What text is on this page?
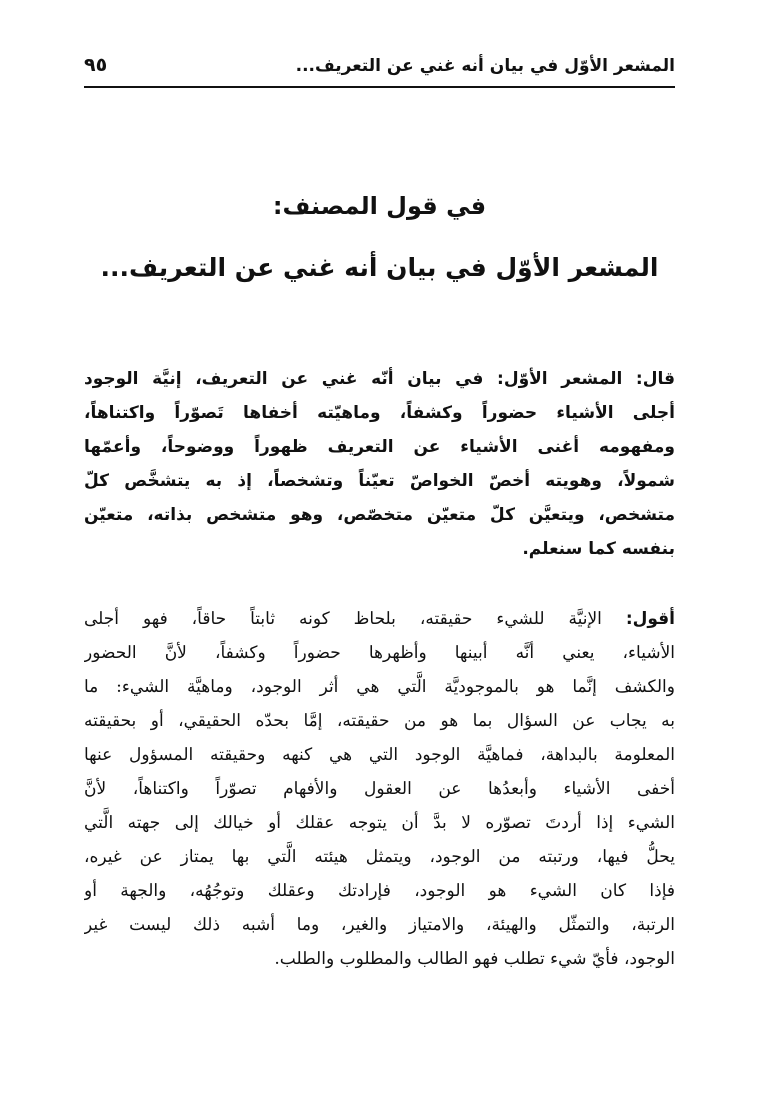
المشعر الأوّل في بيان أنه غني عن التعريف...
٩٥
في قول المصنف:
المشعر الأوّل في بيان أنه غني عن التعريف...
قال: المشعر الأوّل: في بيان أنّه غني عن التعريف، إنيَّة الوجود
أجلى الأشياء حضوراً وكشفاً، وماهيّته أخفاها تَصوّراً واكتناهاً،
ومفهومه أغنى الأشياء عن التعريف ظهوراً ووضوحاً، وأعمّها
شمولاً، وهويته أخصّ الخواصّ تعيّناً وتشخصاً، إذ به يتشخَّص كلّ
متشخص، ويتعيَّن كلّ متعيّن متخصّص، وهو متشخص بذاته، متعيّن
بنفسه كما سنعلم.
أقول: الإنيَّة للشيء حقيقته، بلحاظ كونه ثابتاً حاقاً، فهو أجلى
الأشياء، يعني أنَّه أبينها وأظهرها حضوراً وكشفاً، لأنَّ الحضور
والكشف إنَّما هو بالموجوديَّة الَّتي هي أثر الوجود، وماهيَّة الشيء: ما
به يجاب عن السؤال بما هو من حقيقته، إمَّا بحدّه الحقيقي، أو بحقيقته
المعلومة بالبداهة، فماهيَّة الوجود التي هي كنهه وحقيقته المسؤول عنها
أخفى الأشياء وأبعدُها عن العقول والأفهام تصوّراً واكتناهاً، لأنَّ
الشيء إذا أردتَ تصوّره لا بدَّ أن يتوجه عقلك أو خيالك إلى جهته الَّتي
يحلُّ فيها، ورتبته من الوجود، ويتمثل هيئته الَّتي بها يمتاز عن غيره،
فإذا كان الشيء هو الوجود، فإرادتك وعقلك وتوجُهُه، والجهة أو
الرتبة، والتمثّل والهيئة، والامتياز والغير، وما أشبه ذلك ليست غير
الوجود، فأيّ شيء تطلب فهو الطالب والمطلوب والطلب.
